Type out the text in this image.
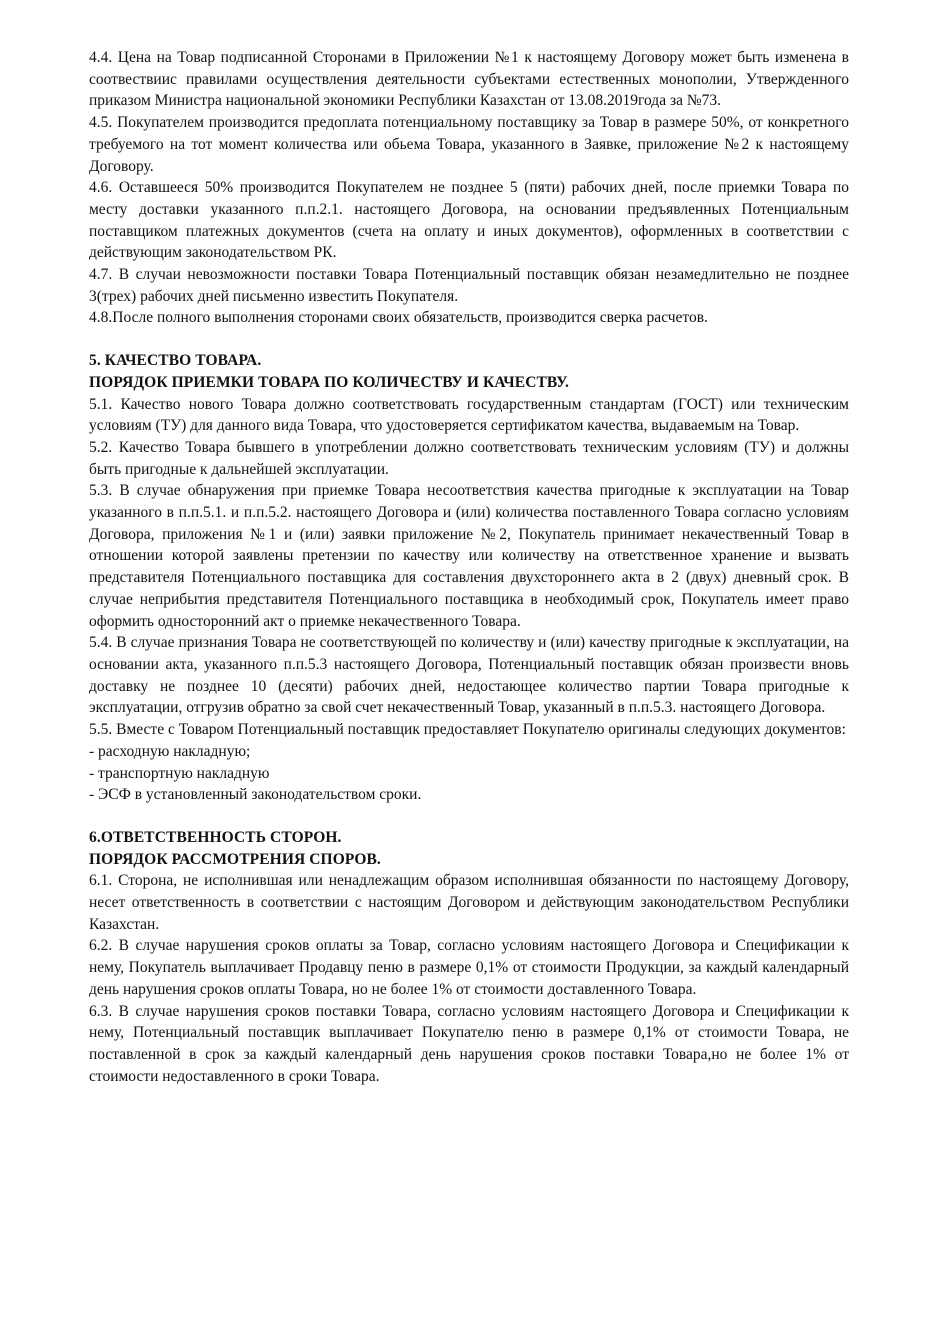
4.4. Цена на Товар подписанной Сторонами в Приложении №1 к настоящему Договору может быть изменена в соотвествиис правилами осуществления деятельности субъектами естественных монополии, Утвержденного приказом Министра национальной экономики Республики Казахстан от 13.08.2019года за №73.

4.5. Покупателем производится предоплата потенциальному поставщику за Товар в размере 50%, от конкретного требуемого на тот момент количества или обьема Товара, указанного в Заявке, приложение №2 к настоящему Договору.

4.6. Оставшееся 50% производится Покупателем не позднее 5 (пяти) рабочих дней, после приемки Товара по месту доставки указанного п.п.2.1. настоящего Договора, на основании предъявленных Потенциальным поставщиком платежных документов (счета на оплату и иных документов), оформленных в соответствии с действующим законодательством РК.

4.7. В случаи невозможности поставки Товара Потенциальный поставщик обязан незамедлительно не позднее 3(трех) рабочих дней письменно известить Покупателя.

4.8.После полного выполнения сторонами своих обязательств, производится сверка расчетов.

5. КАЧЕСТВО ТОВАРА.

ПОРЯДОК ПРИЕМКИ ТОВАРА ПО КОЛИЧЕСТВУ И КАЧЕСТВУ.

5.1. Качество нового Товара должно соответствовать государственным стандартам (ГОСТ) или техническим условиям (ТУ) для данного вида Товара, что удостоверяется сертификатом качества, выдаваемым на Товар.

5.2. Качество Товара бывшего в употреблении должно соответствовать техническим условиям (ТУ) и должны быть пригодные к дальнейшей эксплуатации.

5.3. В случае обнаружения при приемке Товара несоответствия качества пригодные к эксплуатации на Товар указанного в п.п.5.1. и п.п.5.2. настоящего Договора и (или) количества поставленного Товара согласно условиям Договора, приложения №1 и (или) заявки приложение №2, Покупатель принимает некачественный Товар в отношении которой заявлены претензии по качеству или количеству на ответственное хранение и вызвать представителя Потенциального поставщика для составления двухстороннего акта в 2 (двух) дневный срок. В случае неприбытия представителя Потенциального поставщика в необходимый срок, Покупатель имеет право оформить односторонний акт о приемке некачественного Товара.

5.4. В случае признания Товара не соответствующей по количеству и (или) качеству пригодные к эксплуатации, на основании акта, указанного п.п.5.3 настоящего Договора, Потенциальный поставщик обязан произвести вновь доставку не позднее 10 (десяти) рабочих дней, недостающее количество партии Товара пригодные к эксплуатации, отгрузив обратно за свой счет некачественный Товар, указанный в п.п.5.3. настоящего Договора.

5.5. Вместе с Товаром Потенциальный поставщик предоставляет Покупателю оригиналы следующих документов:

- расходную накладную;

- транспортную накладную

- ЭСФ в установленный законодательством сроки.

6.ОТВЕТСТВЕННОСТЬ СТОРОН.

ПОРЯДОК РАССМОТРЕНИЯ СПОРОВ.

6.1. Сторона, не исполнившая или ненадлежащим образом исполнившая обязанности по настоящему Договору, несет ответственность в соответствии с настоящим Договором и действующим законодательством Республики Казахстан.

6.2. В случае нарушения сроков оплаты за Товар, согласно условиям настоящего Договора и Спецификации к нему, Покупатель выплачивает Продавцу пеню в размере 0,1% от стоимости Продукции, за каждый календарный день нарушения сроков оплаты Товара, но не более 1% от стоимости доставленного Товара.

6.3. В случае нарушения сроков поставки Товара, согласно условиям настоящего Договора и Спецификации к нему, Потенциальный поставщик выплачивает Покупателю пеню в размере 0,1% от стоимости Товара, не поставленной в срок за каждый календарный день нарушения сроков поставки Товара,но не более 1% от стоимости недоставленного в сроки Товара.
